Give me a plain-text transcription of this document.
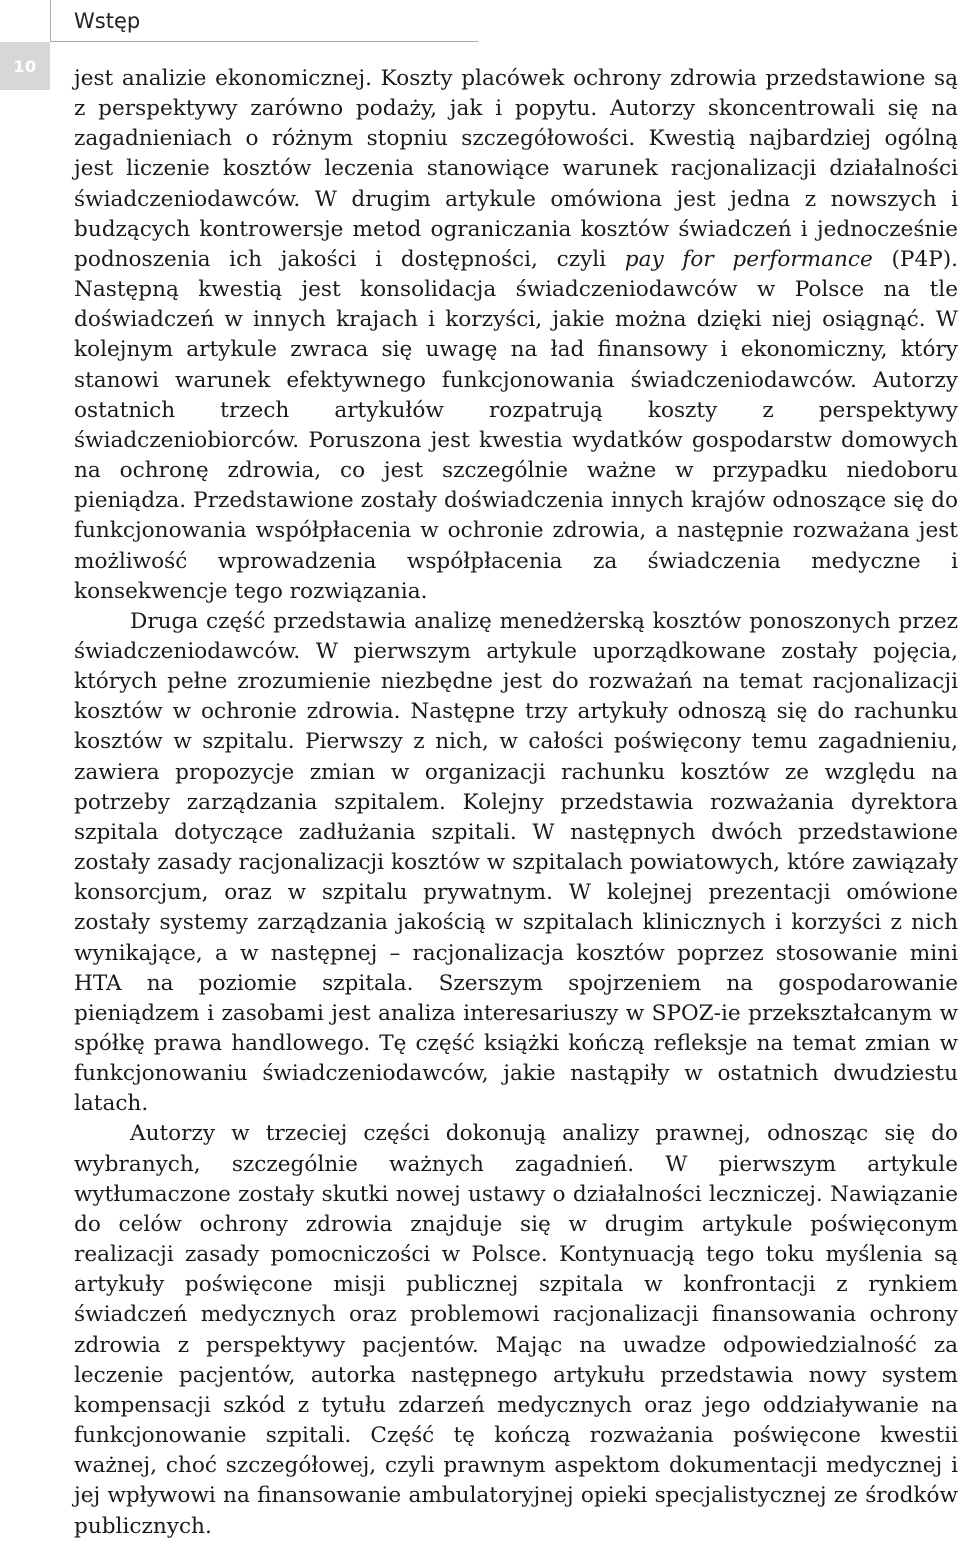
Wstęp
10	jest analizie ekonomicznej. Koszty placówek ochrony zdrowia przedstawione są z perspektywy zarówno podaży, jak i popytu. Autorzy skoncentrowali się na zagadnieniach o różnym stopniu szczegółowości. Kwestią najbardziej ogólną jest liczenie kosztów leczenia stanowiące warunek racjonalizacji działalności świadczeniodawców. W drugim artykule omówiona jest jedna z nowszych i budzących kontrowersje metod ograniczania kosztów świadczeń i jednocześnie podnoszenia ich jakości i dostępności, czyli pay for performance (P4P). Następną kwestią jest konsolidacja świadczeniodawców w Polsce na tle doświadczeń w innych krajach i korzyści, jakie można dzięki niej osiągnąć. W kolejnym artykule zwraca się uwagę na ład finansowy i ekonomiczny, który stanowi warunek efektywnego funkcjonowania świadczeniodawców. Autorzy ostatnich trzech artykułów rozpatrują koszty z perspektywy świadczeniobiorców. Poruszona jest kwestia wydatków gospodarstw domowych na ochronę zdrowia, co jest szczególnie ważne w przypadku niedoboru pieniądza. Przedstawione zostały doświadczenia innych krajów odnoszące się do funkcjonowania współpłacenia w ochronie zdrowia, a następnie rozważana jest możliwość wprowadzenia współpłacenia za świadczenia medyczne i konsekwencje tego rozwiązania.

Druga część przedstawia analizę menedżerską kosztów ponoszonych przez świadczeniodawców. W pierwszym artykule uporządkowane zostały pojęcia, których pełne zrozumienie niezbędne jest do rozważań na temat racjonalizacji kosztów w ochronie zdrowia. Następne trzy artykuły odnoszą się do rachunku kosztów w szpitalu. Pierwszy z nich, w całości poświęcony temu zagadnieniu, zawiera propozycje zmian w organizacji rachunku kosztów ze względu na potrzeby zarządzania szpitalem. Kolejny przedstawia rozważania dyrektora szpitala dotyczące zadłużania szpitali. W następnych dwóch przedstawione zostały zasady racjonalizacji kosztów w szpitalach powiatowych, które zawiązały konsorcjum, oraz w szpitalu prywatnym. W kolejnej prezentacji omówione zostały systemy zarządzania jakością w szpitalach klinicznych i korzyści z nich wynikające, a w następnej – racjonalizacja kosztów poprzez stosowanie mini HTA na poziomie szpitala. Szerszym spojrzeniem na gospodarowanie pieniądzem i zasobami jest analiza interesariuszy w SPOZ-ie przekształcanym w spółkę prawa handlowego. Tę część książki kończą refleksje na temat zmian w funkcjonowaniu świadczeniodawców, jakie nastąpiły w ostatnich dwudziestu latach.

Autorzy w trzeciej części dokonują analizy prawnej, odnosząc się do wybranych, szczególnie ważnych zagadnień. W pierwszym artykule wytłumaczone zostały skutki nowej ustawy o działalności leczniczej. Nawiązanie do celów ochrony zdrowia znajduje się w drugim artykule poświęconym realizacji zasady pomocniczości w Polsce. Kontynuacją tego toku myślenia są artykuły poświęcone misji publicznej szpitala w konfrontacji z rynkiem świadczeń medycznych oraz problemowi racjonalizacji finansowania ochrony zdrowia z perspektywy pacjentów. Mając na uwadze odpowiedzialność za leczenie pacjentów, autorka następnego artykułu przedstawia nowy system kompensacji szkód z tytułu zdarzeń medycznych oraz jego oddziaływanie na funkcjonowanie szpitali. Część tę kończą rozważania poświęcone kwestii ważnej, choć szczegółowej, czyli prawnym aspektom dokumentacji medycznej i jej wpływowi na finansowanie ambulatoryjnej opieki specjalistycznej ze środków publicznych.
